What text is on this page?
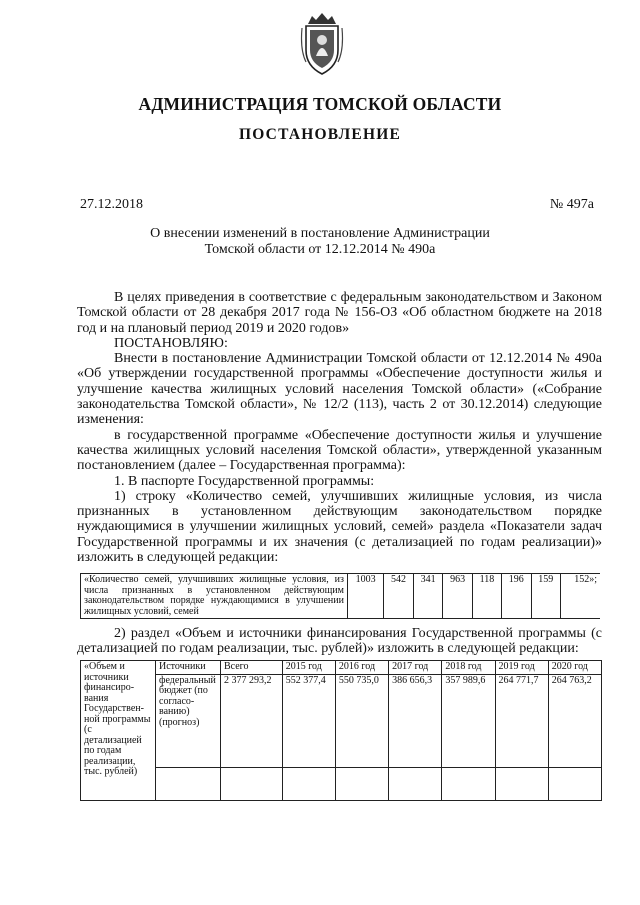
АДМИНИСТРАЦИЯ ТОМСКОЙ ОБЛАСТИ
ПОСТАНОВЛЕНИЕ
27.12.2018	№ 497а
О внесении изменений в постановление Администрации
Томской области от 12.12.2014 № 490а

В целях приведения в соответствие с федеральным законодательством и Законом Томской области от 28 декабря 2017 года № 156-ОЗ «Об областном бюджете на 2018 год и на плановый период 2019 и 2020 годов»

ПОСТАНОВЛЯЮ:

Внести в постановление Администрации Томской области от 12.12.2014 № 490а «Об утверждении государственной программы «Обеспечение доступности жилья и улучшение качества жилищных условий населения Томской области» («Собрание законодательства Томской области», № 12/2 (113), часть 2 от 30.12.2014) следующие изменения:

в государственной программе «Обеспечение доступности жилья и улучшение качества жилищных условий населения Томской области», утвержденной указанным постановлением (далее – Государственная программа):

1. В паспорте Государственной программы:

1) строку «Количество семей, улучшивших жилищные условия, из числа признанных в установленном действующим законодательством порядке нуждающимися в улучшении жилищных условий, семей» раздела «Показатели задач Государственной программы и их значения (с детализацией по годам реализации)» изложить в следующей редакции:

«Количество семей, улучшивших жилищные условия, из числа признанных в установленном действующим законодательством порядке нуждающимися в улучшении жилищных условий, семей	1003	542	341	963	118	196	159	152»;

2) раздел «Объем и источники финансирования Государственной программы (с детализацией по годам реализации, тыс. рублей)» изложить в следующей редакции:

«Объем и источники финансиро-вания Государствен-ной программы (с детализацией по годам реализации, тыс. рублей)	Источники	Всего	2015 год	2016 год	2017 год	2018 год	2019 год	2020 год
	федеральный бюджет (по согласо-ванию) (прогноз)	2 377 293,2	552 377,4	550 735,0	386 656,3	357 989,6	264 771,7	264 763,2
